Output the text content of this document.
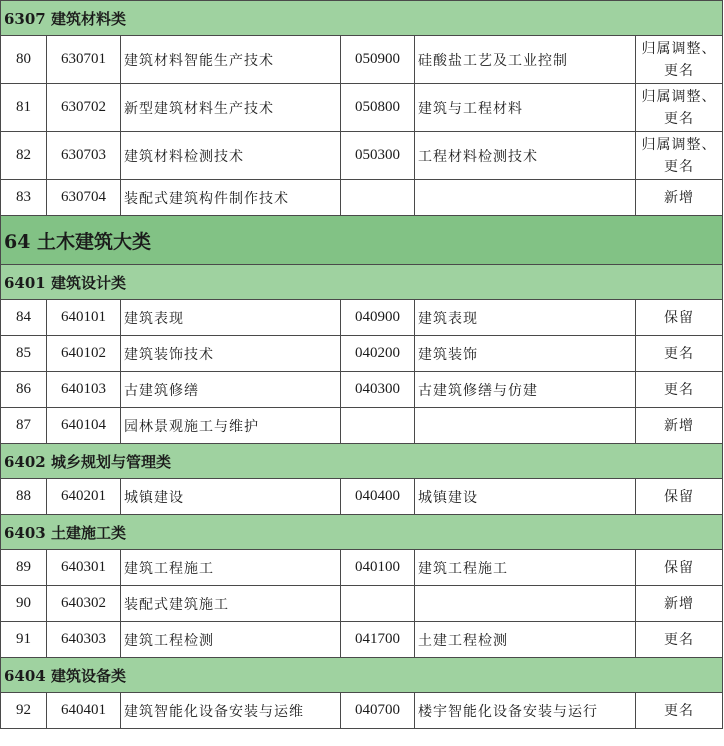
6307 建筑材料类					
80	630701	建筑材料智能生产技术	050900	硅酸盐工艺及工业控制	归属调整、更名
81	630702	新型建筑材料生产技术	050800	建筑与工程材料	归属调整、更名
82	630703	建筑材料检测技术	050300	工程材料检测技术	归属调整、更名
83	630704	装配式建筑构件制作技术			新增
64 土木建筑大类					
6401 建筑设计类					
84	640101	建筑表现	040900	建筑表现	保留
85	640102	建筑装饰技术	040200	建筑装饰	更名
86	640103	古建筑修缮	040300	古建筑修缮与仿建	更名
87	640104	园林景观施工与维护			新增
6402 城乡规划与管理类					
88	640201	城镇建设	040400	城镇建设	保留
6403 土建施工类					
89	640301	建筑工程施工	040100	建筑工程施工	保留
90	640302	装配式建筑施工			新增
91	640303	建筑工程检测	041700	土建工程检测	更名
6404 建筑设备类					
92	640401	建筑智能化设备安装与运维	040700	楼宇智能化设备安装与运行	更名
